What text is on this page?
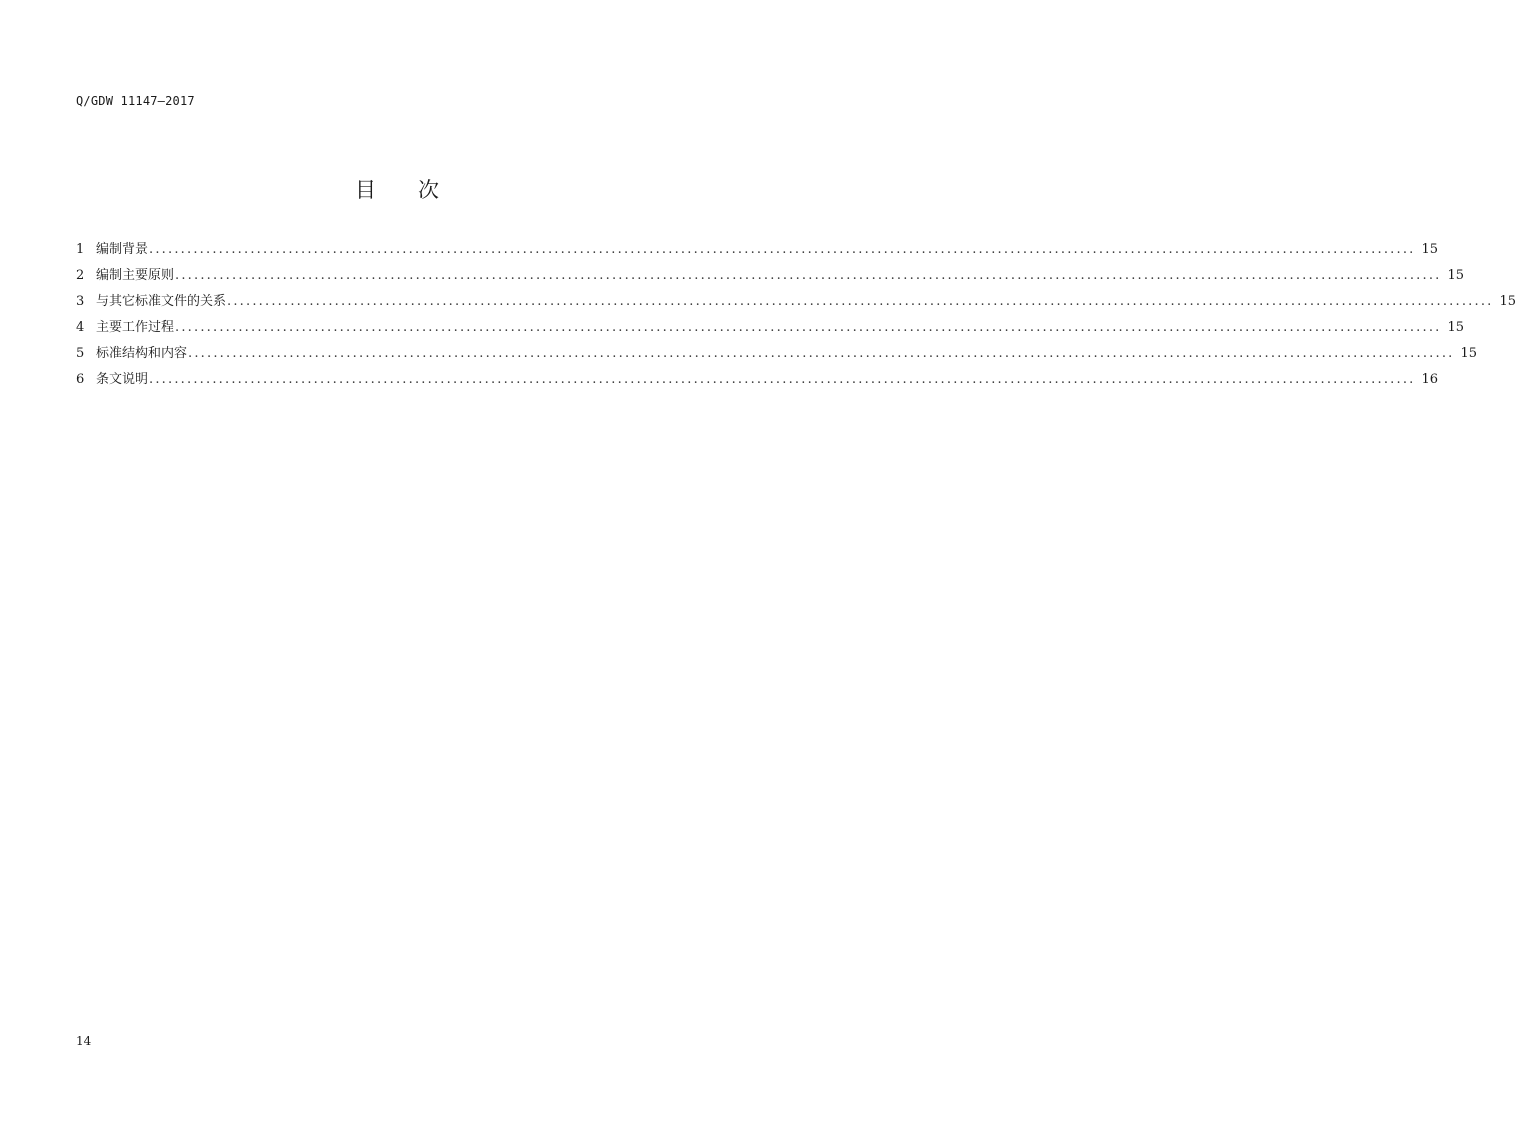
Q/GDW 11147—2017
目 次
1 编制背景 ........................................................................................................................................................................................................ 15
2 编制主要原则 ........................................................................................................................................................................................................ 15
3 与其它标准文件的关系 ........................................................................................................................................................................................................ 15
4 主要工作过程 ........................................................................................................................................................................................................ 15
5 标准结构和内容 ........................................................................................................................................................................................................ 15
6 条文说明 ........................................................................................................................................................................................................ 16
14
